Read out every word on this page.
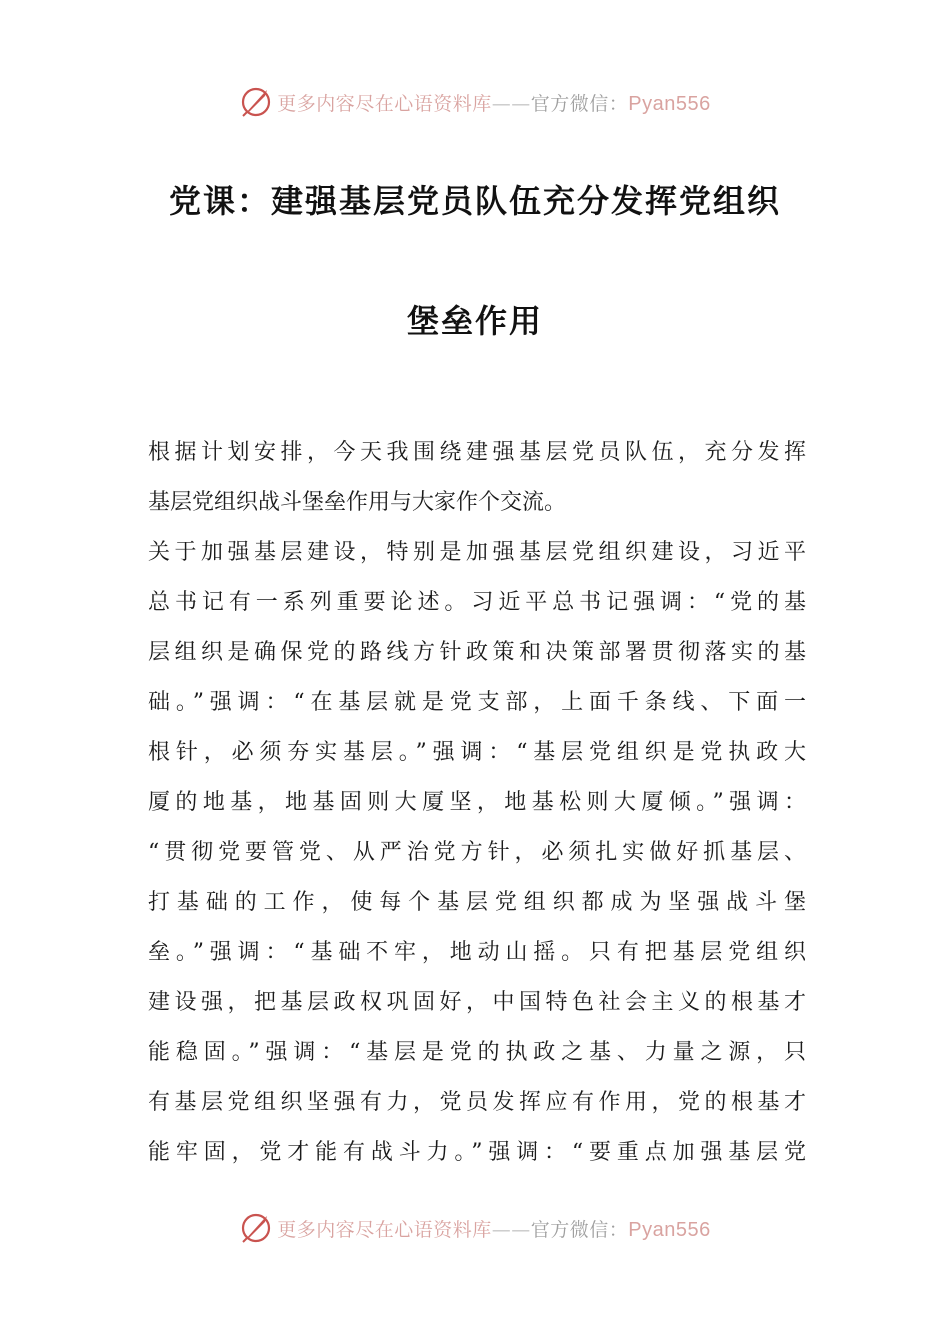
更多内容尽在心语资料库——官方微信：Pyan556
党课：建强基层党员队伍充分发挥党组织
堡垒作用
根据计划安排，今天我围绕建强基层党员队伍，充分发挥
基层党组织战斗堡垒作用与大家作个交流。
关于加强基层建设，特别是加强基层党组织建设，习近平
总书记有一系列重要论述。习近平总书记强调：“党的基
层组织是确保党的路线方针政策和决策部署贯彻落实的基
础。”强调：“在基层就是党支部，上面千条线、下面一
根针，必须夯实基层。”强调：“基层党组织是党执政大
厦的地基，地基固则大厦坚，地基松则大厦倾。”强调：
“贯彻党要管党、从严治党方针，必须扎实做好抓基层、
打基础的工作，使每个基层党组织都成为坚强战斗堡
垒。”强调：“基础不牢，地动山摇。只有把基层党组织
建设强，把基层政权巩固好，中国特色社会主义的根基才
能稳固。”强调：“基层是党的执政之基、力量之源，只
有基层党组织坚强有力，党员发挥应有作用，党的根基才
能牢固，党才能有战斗力。”强调：“要重点加强基层党
更多内容尽在心语资料库——官方微信：Pyan556
